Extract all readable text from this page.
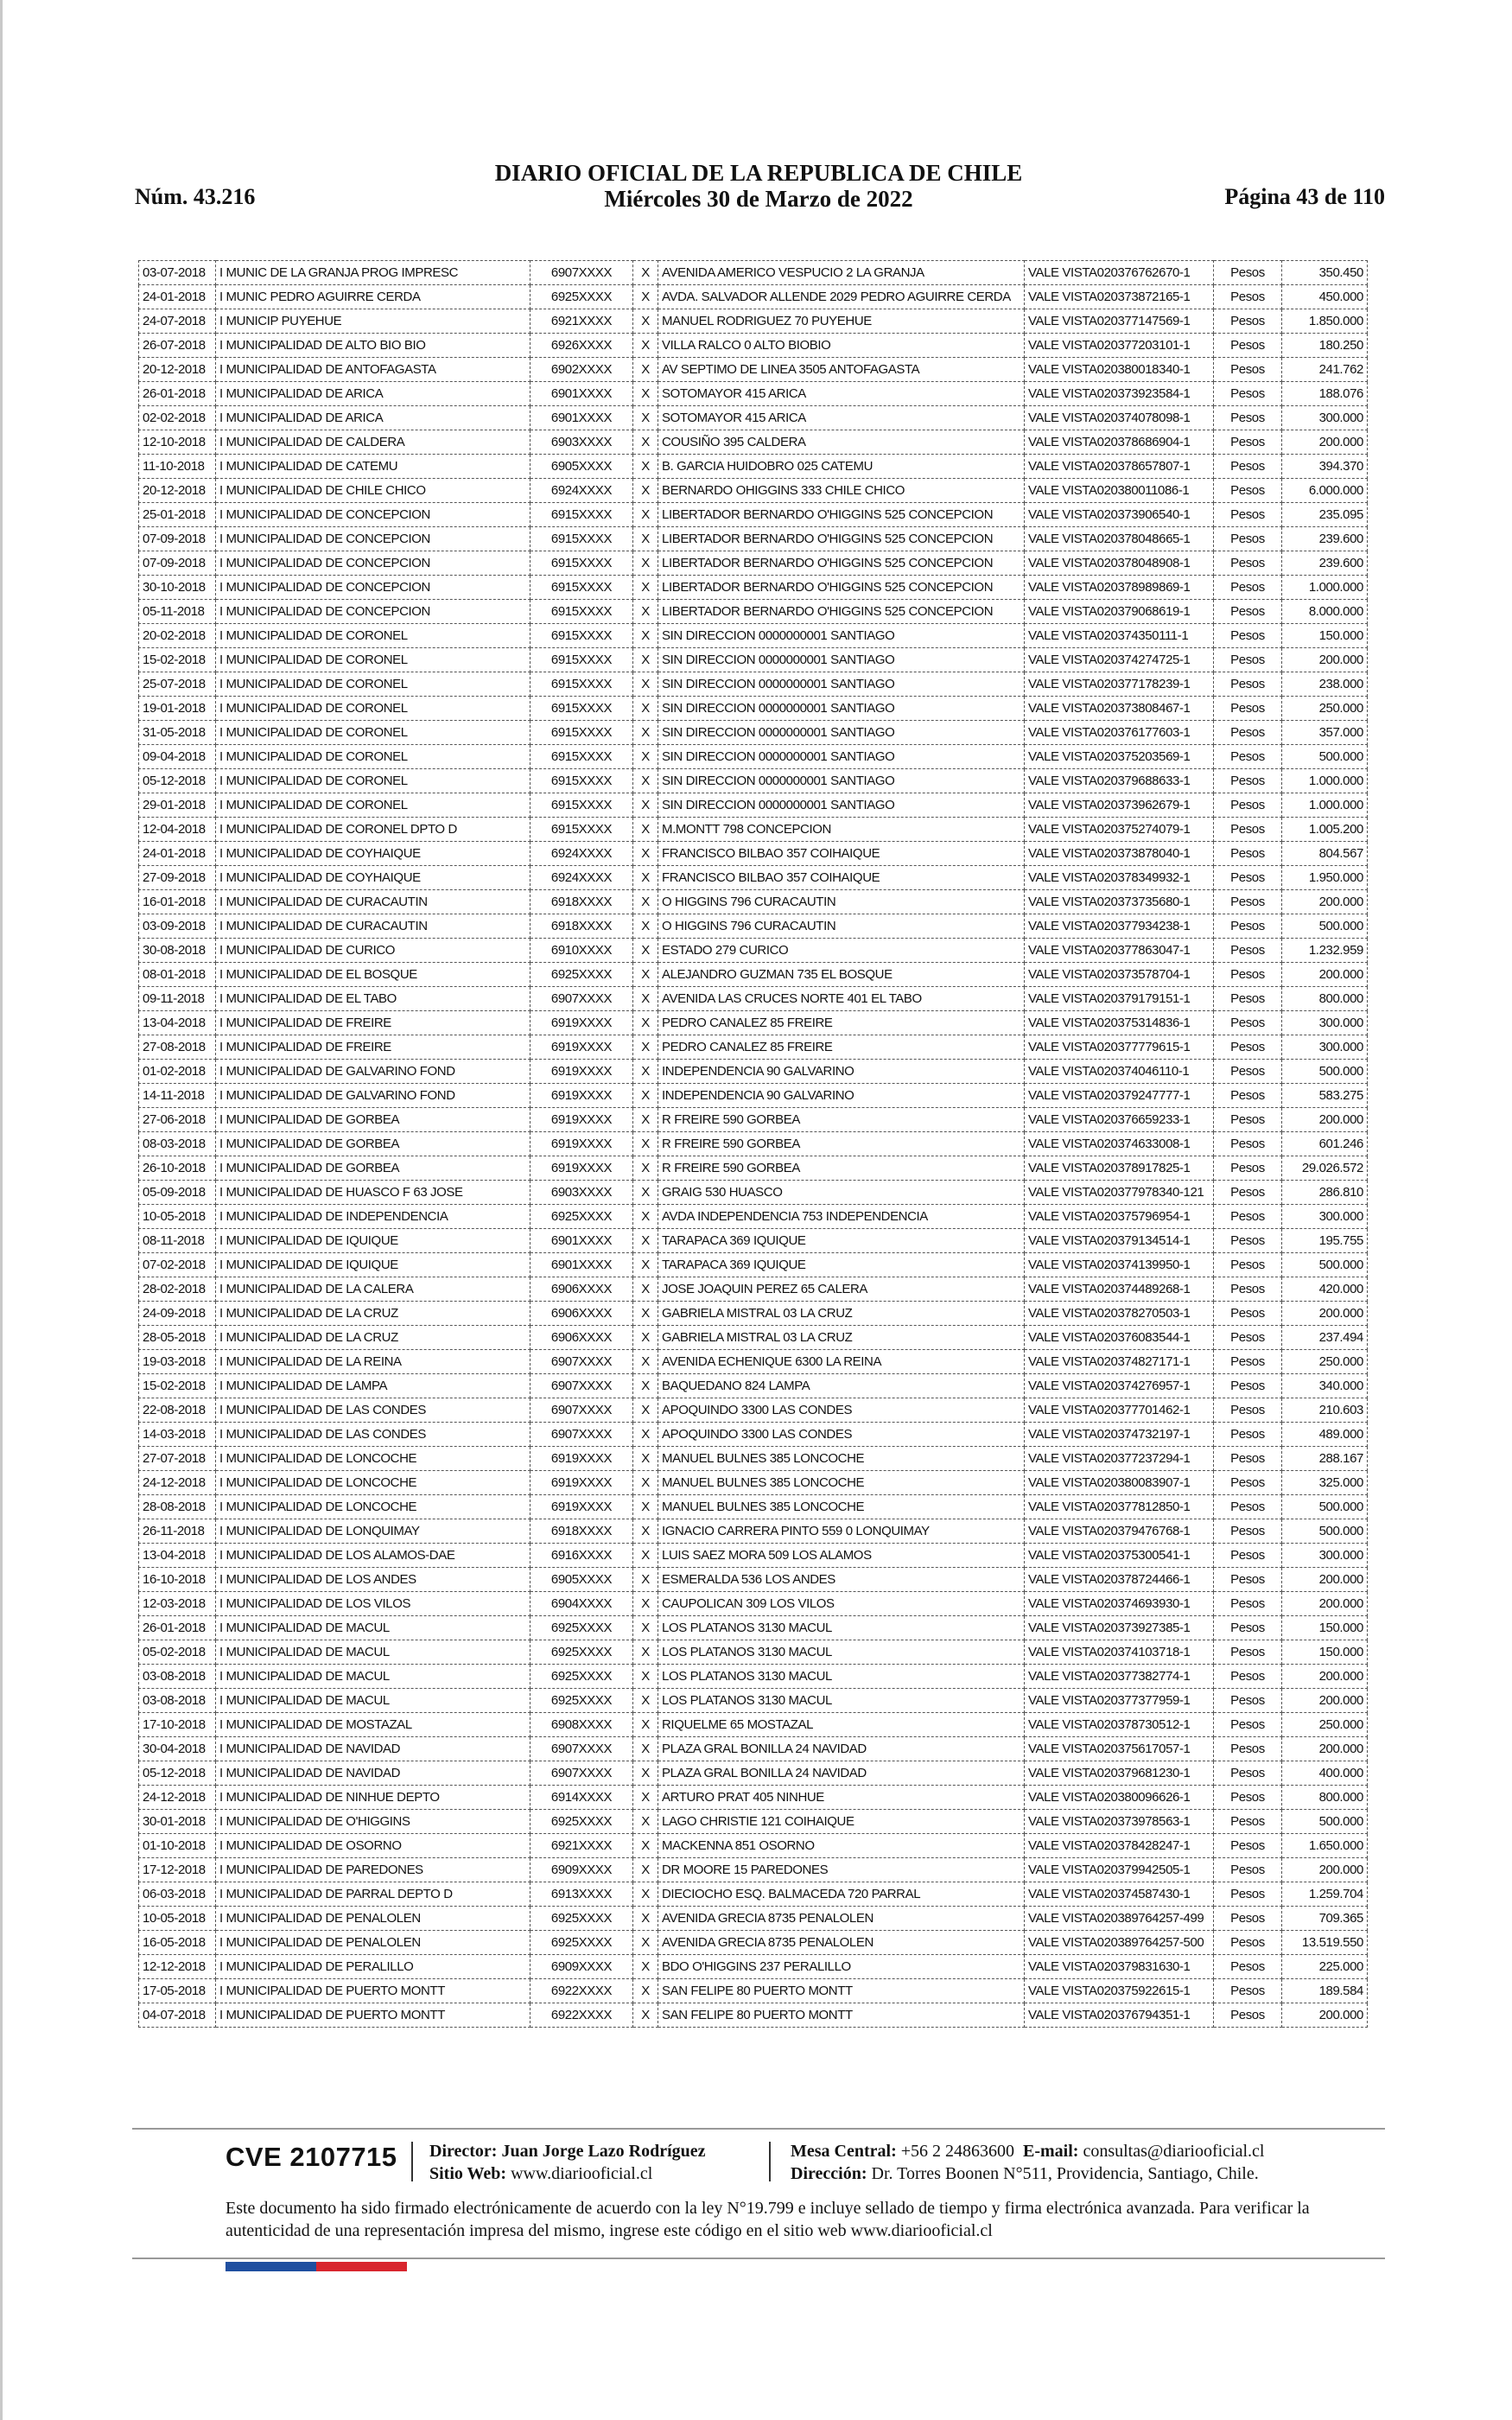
Núm. 43.216
DIARIO OFICIAL DE LA REPUBLICA DE CHILE
Miércoles 30 de Marzo de 2022	Página 43 de 110
03-07-2018	I MUNIC DE LA GRANJA PROG IMPRESC	6907XXXX	X	AVENIDA AMERICO VESPUCIO 2 LA GRANJA	VALE VISTA020376762670-1	Pesos	350.450
24-01-2018	I MUNIC PEDRO AGUIRRE CERDA	6925XXXX	X	AVDA. SALVADOR ALLENDE 2029 PEDRO AGUIRRE CERDA	VALE VISTA020373872165-1	Pesos	450.000
24-07-2018	I MUNICIP PUYEHUE	6921XXXX	X	MANUEL RODRIGUEZ 70 PUYEHUE	VALE VISTA020377147569-1	Pesos	1.850.000
26-07-2018	I MUNICIPALIDAD DE ALTO BIO BIO	6926XXXX	X	VILLA RALCO 0 ALTO BIOBIO	VALE VISTA020377203101-1	Pesos	180.250
20-12-2018	I MUNICIPALIDAD DE ANTOFAGASTA	6902XXXX	X	AV SEPTIMO DE LINEA 3505 ANTOFAGASTA	VALE VISTA020380018340-1	Pesos	241.762
26-01-2018	I MUNICIPALIDAD DE ARICA	6901XXXX	X	SOTOMAYOR 415 ARICA	VALE VISTA020373923584-1	Pesos	188.076
02-02-2018	I MUNICIPALIDAD DE ARICA	6901XXXX	X	SOTOMAYOR 415 ARICA	VALE VISTA020374078098-1	Pesos	300.000
12-10-2018	I MUNICIPALIDAD DE CALDERA	6903XXXX	X	COUSIÑO 395 CALDERA	VALE VISTA020378686904-1	Pesos	200.000
11-10-2018	I MUNICIPALIDAD DE CATEMU	6905XXXX	X	B. GARCIA HUIDOBRO 025 CATEMU	VALE VISTA020378657807-1	Pesos	394.370
20-12-2018	I MUNICIPALIDAD DE CHILE CHICO	6924XXXX	X	BERNARDO OHIGGINS 333 CHILE CHICO	VALE VISTA020380011086-1	Pesos	6.000.000
25-01-2018	I MUNICIPALIDAD DE CONCEPCION	6915XXXX	X	LIBERTADOR BERNARDO O'HIGGINS 525 CONCEPCION	VALE VISTA020373906540-1	Pesos	235.095
07-09-2018	I MUNICIPALIDAD DE CONCEPCION	6915XXXX	X	LIBERTADOR BERNARDO O'HIGGINS 525 CONCEPCION	VALE VISTA020378048665-1	Pesos	239.600
07-09-2018	I MUNICIPALIDAD DE CONCEPCION	6915XXXX	X	LIBERTADOR BERNARDO O'HIGGINS 525 CONCEPCION	VALE VISTA020378048908-1	Pesos	239.600
30-10-2018	I MUNICIPALIDAD DE CONCEPCION	6915XXXX	X	LIBERTADOR BERNARDO O'HIGGINS 525 CONCEPCION	VALE VISTA020378989869-1	Pesos	1.000.000
05-11-2018	I MUNICIPALIDAD DE CONCEPCION	6915XXXX	X	LIBERTADOR BERNARDO O'HIGGINS 525 CONCEPCION	VALE VISTA020379068619-1	Pesos	8.000.000
20-02-2018	I MUNICIPALIDAD DE CORONEL	6915XXXX	X	SIN DIRECCION 0000000001 SANTIAGO	VALE VISTA020374350111-1	Pesos	150.000
15-02-2018	I MUNICIPALIDAD DE CORONEL	6915XXXX	X	SIN DIRECCION 0000000001 SANTIAGO	VALE VISTA020374274725-1	Pesos	200.000
25-07-2018	I MUNICIPALIDAD DE CORONEL	6915XXXX	X	SIN DIRECCION 0000000001 SANTIAGO	VALE VISTA020377178239-1	Pesos	238.000
19-01-2018	I MUNICIPALIDAD DE CORONEL	6915XXXX	X	SIN DIRECCION 0000000001 SANTIAGO	VALE VISTA020373808467-1	Pesos	250.000
31-05-2018	I MUNICIPALIDAD DE CORONEL	6915XXXX	X	SIN DIRECCION 0000000001 SANTIAGO	VALE VISTA020376177603-1	Pesos	357.000
09-04-2018	I MUNICIPALIDAD DE CORONEL	6915XXXX	X	SIN DIRECCION 0000000001 SANTIAGO	VALE VISTA020375203569-1	Pesos	500.000
05-12-2018	I MUNICIPALIDAD DE CORONEL	6915XXXX	X	SIN DIRECCION 0000000001 SANTIAGO	VALE VISTA020379688633-1	Pesos	1.000.000
29-01-2018	I MUNICIPALIDAD DE CORONEL	6915XXXX	X	SIN DIRECCION 0000000001 SANTIAGO	VALE VISTA020373962679-1	Pesos	1.000.000
12-04-2018	I MUNICIPALIDAD DE CORONEL DPTO D	6915XXXX	X	M.MONTT 798 CONCEPCION	VALE VISTA020375274079-1	Pesos	1.005.200
24-01-2018	I MUNICIPALIDAD DE COYHAIQUE	6924XXXX	X	FRANCISCO BILBAO 357 COIHAIQUE	VALE VISTA020373878040-1	Pesos	804.567
27-09-2018	I MUNICIPALIDAD DE COYHAIQUE	6924XXXX	X	FRANCISCO BILBAO 357 COIHAIQUE	VALE VISTA020378349932-1	Pesos	1.950.000
16-01-2018	I MUNICIPALIDAD DE CURACAUTIN	6918XXXX	X	O HIGGINS 796 CURACAUTIN	VALE VISTA020373735680-1	Pesos	200.000
03-09-2018	I MUNICIPALIDAD DE CURACAUTIN	6918XXXX	X	O HIGGINS 796 CURACAUTIN	VALE VISTA020377934238-1	Pesos	500.000
30-08-2018	I MUNICIPALIDAD DE CURICO	6910XXXX	X	ESTADO 279 CURICO	VALE VISTA020377863047-1	Pesos	1.232.959
08-01-2018	I MUNICIPALIDAD DE EL BOSQUE	6925XXXX	X	ALEJANDRO GUZMAN 735 EL BOSQUE	VALE VISTA020373578704-1	Pesos	200.000
09-11-2018	I MUNICIPALIDAD DE EL TABO	6907XXXX	X	AVENIDA LAS CRUCES NORTE 401 EL TABO	VALE VISTA020379179151-1	Pesos	800.000
13-04-2018	I MUNICIPALIDAD DE FREIRE	6919XXXX	X	PEDRO CANALEZ 85 FREIRE	VALE VISTA020375314836-1	Pesos	300.000
27-08-2018	I MUNICIPALIDAD DE FREIRE	6919XXXX	X	PEDRO CANALEZ 85 FREIRE	VALE VISTA020377779615-1	Pesos	300.000
01-02-2018	I MUNICIPALIDAD DE GALVARINO FOND	6919XXXX	X	INDEPENDENCIA 90 GALVARINO	VALE VISTA020374046110-1	Pesos	500.000
14-11-2018	I MUNICIPALIDAD DE GALVARINO FOND	6919XXXX	X	INDEPENDENCIA 90 GALVARINO	VALE VISTA020379247777-1	Pesos	583.275
27-06-2018	I MUNICIPALIDAD DE GORBEA	6919XXXX	X	R FREIRE 590 GORBEA	VALE VISTA020376659233-1	Pesos	200.000
08-03-2018	I MUNICIPALIDAD DE GORBEA	6919XXXX	X	R FREIRE 590 GORBEA	VALE VISTA020374633008-1	Pesos	601.246
26-10-2018	I MUNICIPALIDAD DE GORBEA	6919XXXX	X	R FREIRE 590 GORBEA	VALE VISTA020378917825-1	Pesos	29.026.572
05-09-2018	I MUNICIPALIDAD DE HUASCO F 63 JOSE	6903XXXX	X	GRAIG 530 HUASCO	VALE VISTA020377978340-121	Pesos	286.810
10-05-2018	I MUNICIPALIDAD DE INDEPENDENCIA	6925XXXX	X	AVDA INDEPENDENCIA 753 INDEPENDENCIA	VALE VISTA020375796954-1	Pesos	300.000
08-11-2018	I MUNICIPALIDAD DE IQUIQUE	6901XXXX	X	TARAPACA 369 IQUIQUE	VALE VISTA020379134514-1	Pesos	195.755
07-02-2018	I MUNICIPALIDAD DE IQUIQUE	6901XXXX	X	TARAPACA 369 IQUIQUE	VALE VISTA020374139950-1	Pesos	500.000
28-02-2018	I MUNICIPALIDAD DE LA CALERA	6906XXXX	X	JOSE JOAQUIN PEREZ 65 CALERA	VALE VISTA020374489268-1	Pesos	420.000
24-09-2018	I MUNICIPALIDAD DE LA CRUZ	6906XXXX	X	GABRIELA MISTRAL 03 LA CRUZ	VALE VISTA020378270503-1	Pesos	200.000
28-05-2018	I MUNICIPALIDAD DE LA CRUZ	6906XXXX	X	GABRIELA MISTRAL 03 LA CRUZ	VALE VISTA020376083544-1	Pesos	237.494
19-03-2018	I MUNICIPALIDAD DE LA REINA	6907XXXX	X	AVENIDA ECHENIQUE 6300 LA REINA	VALE VISTA020374827171-1	Pesos	250.000
15-02-2018	I MUNICIPALIDAD DE LAMPA	6907XXXX	X	BAQUEDANO 824 LAMPA	VALE VISTA020374276957-1	Pesos	340.000
22-08-2018	I MUNICIPALIDAD DE LAS CONDES	6907XXXX	X	APOQUINDO 3300 LAS CONDES	VALE VISTA020377701462-1	Pesos	210.603
14-03-2018	I MUNICIPALIDAD DE LAS CONDES	6907XXXX	X	APOQUINDO 3300 LAS CONDES	VALE VISTA020374732197-1	Pesos	489.000
27-07-2018	I MUNICIPALIDAD DE LONCOCHE	6919XXXX	X	MANUEL BULNES 385 LONCOCHE	VALE VISTA020377237294-1	Pesos	288.167
24-12-2018	I MUNICIPALIDAD DE LONCOCHE	6919XXXX	X	MANUEL BULNES 385 LONCOCHE	VALE VISTA020380083907-1	Pesos	325.000
28-08-2018	I MUNICIPALIDAD DE LONCOCHE	6919XXXX	X	MANUEL BULNES 385 LONCOCHE	VALE VISTA020377812850-1	Pesos	500.000
26-11-2018	I MUNICIPALIDAD DE LONQUIMAY	6918XXXX	X	IGNACIO CARRERA PINTO 559 0 LONQUIMAY	VALE VISTA020379476768-1	Pesos	500.000
13-04-2018	I MUNICIPALIDAD DE LOS ALAMOS-DAE	6916XXXX	X	LUIS SAEZ MORA 509 LOS ALAMOS	VALE VISTA020375300541-1	Pesos	300.000
16-10-2018	I MUNICIPALIDAD DE LOS ANDES	6905XXXX	X	ESMERALDA 536 LOS ANDES	VALE VISTA020378724466-1	Pesos	200.000
12-03-2018	I MUNICIPALIDAD DE LOS VILOS	6904XXXX	X	CAUPOLICAN 309 LOS VILOS	VALE VISTA020374693930-1	Pesos	200.000
26-01-2018	I MUNICIPALIDAD DE MACUL	6925XXXX	X	LOS PLATANOS 3130 MACUL	VALE VISTA020373927385-1	Pesos	150.000
05-02-2018	I MUNICIPALIDAD DE MACUL	6925XXXX	X	LOS PLATANOS 3130 MACUL	VALE VISTA020374103718-1	Pesos	150.000
03-08-2018	I MUNICIPALIDAD DE MACUL	6925XXXX	X	LOS PLATANOS 3130 MACUL	VALE VISTA020377382774-1	Pesos	200.000
03-08-2018	I MUNICIPALIDAD DE MACUL	6925XXXX	X	LOS PLATANOS 3130 MACUL	VALE VISTA020377377959-1	Pesos	200.000
17-10-2018	I MUNICIPALIDAD DE MOSTAZAL	6908XXXX	X	RIQUELME 65 MOSTAZAL	VALE VISTA020378730512-1	Pesos	250.000
30-04-2018	I MUNICIPALIDAD DE NAVIDAD	6907XXXX	X	PLAZA GRAL BONILLA 24 NAVIDAD	VALE VISTA020375617057-1	Pesos	200.000
05-12-2018	I MUNICIPALIDAD DE NAVIDAD	6907XXXX	X	PLAZA GRAL BONILLA 24 NAVIDAD	VALE VISTA020379681230-1	Pesos	400.000
24-12-2018	I MUNICIPALIDAD DE NINHUE DEPTO	6914XXXX	X	ARTURO PRAT 405 NINHUE	VALE VISTA020380096626-1	Pesos	800.000
30-01-2018	I MUNICIPALIDAD DE O'HIGGINS	6925XXXX	X	LAGO CHRISTIE 121 COIHAIQUE	VALE VISTA020373978563-1	Pesos	500.000
01-10-2018	I MUNICIPALIDAD DE OSORNO	6921XXXX	X	MACKENNA 851 OSORNO	VALE VISTA020378428247-1	Pesos	1.650.000
17-12-2018	I MUNICIPALIDAD DE PAREDONES	6909XXXX	X	DR MOORE 15 PAREDONES	VALE VISTA020379942505-1	Pesos	200.000
06-03-2018	I MUNICIPALIDAD DE PARRAL DEPTO D	6913XXXX	X	DIECIOCHO ESQ. BALMACEDA 720 PARRAL	VALE VISTA020374587430-1	Pesos	1.259.704
10-05-2018	I MUNICIPALIDAD DE PENALOLEN	6925XXXX	X	AVENIDA GRECIA 8735 PENALOLEN	VALE VISTA020389764257-499	Pesos	709.365
16-05-2018	I MUNICIPALIDAD DE PENALOLEN	6925XXXX	X	AVENIDA GRECIA 8735 PENALOLEN	VALE VISTA020389764257-500	Pesos	13.519.550
12-12-2018	I MUNICIPALIDAD DE PERALILLO	6909XXXX	X	BDO O'HIGGINS 237 PERALILLO	VALE VISTA020379831630-1	Pesos	225.000
17-05-2018	I MUNICIPALIDAD DE PUERTO MONTT	6922XXXX	X	SAN FELIPE 80 PUERTO MONTT	VALE VISTA020375922615-1	Pesos	189.584
04-07-2018	I MUNICIPALIDAD DE PUERTO MONTT	6922XXXX	X	SAN FELIPE 80 PUERTO MONTT	VALE VISTA020376794351-1	Pesos	200.000
CVE 2107715 Director: Juan Jorge Lazo Rodríguez
Sitio Web: www.diariooficial.cl
Mesa Central: +56 2 24863600 E-mail: consultas@diariooficial.cl
Dirección: Dr. Torres Boonen N°511, Providencia, Santiago, Chile.
Este documento ha sido firmado electrónicamente de acuerdo con la ley N°19.799 e incluye sellado de tiempo y firma electrónica avanzada. Para verificar la autenticidad de una representación impresa del mismo, ingrese este código en el sitio web www.diariooficial.cl
